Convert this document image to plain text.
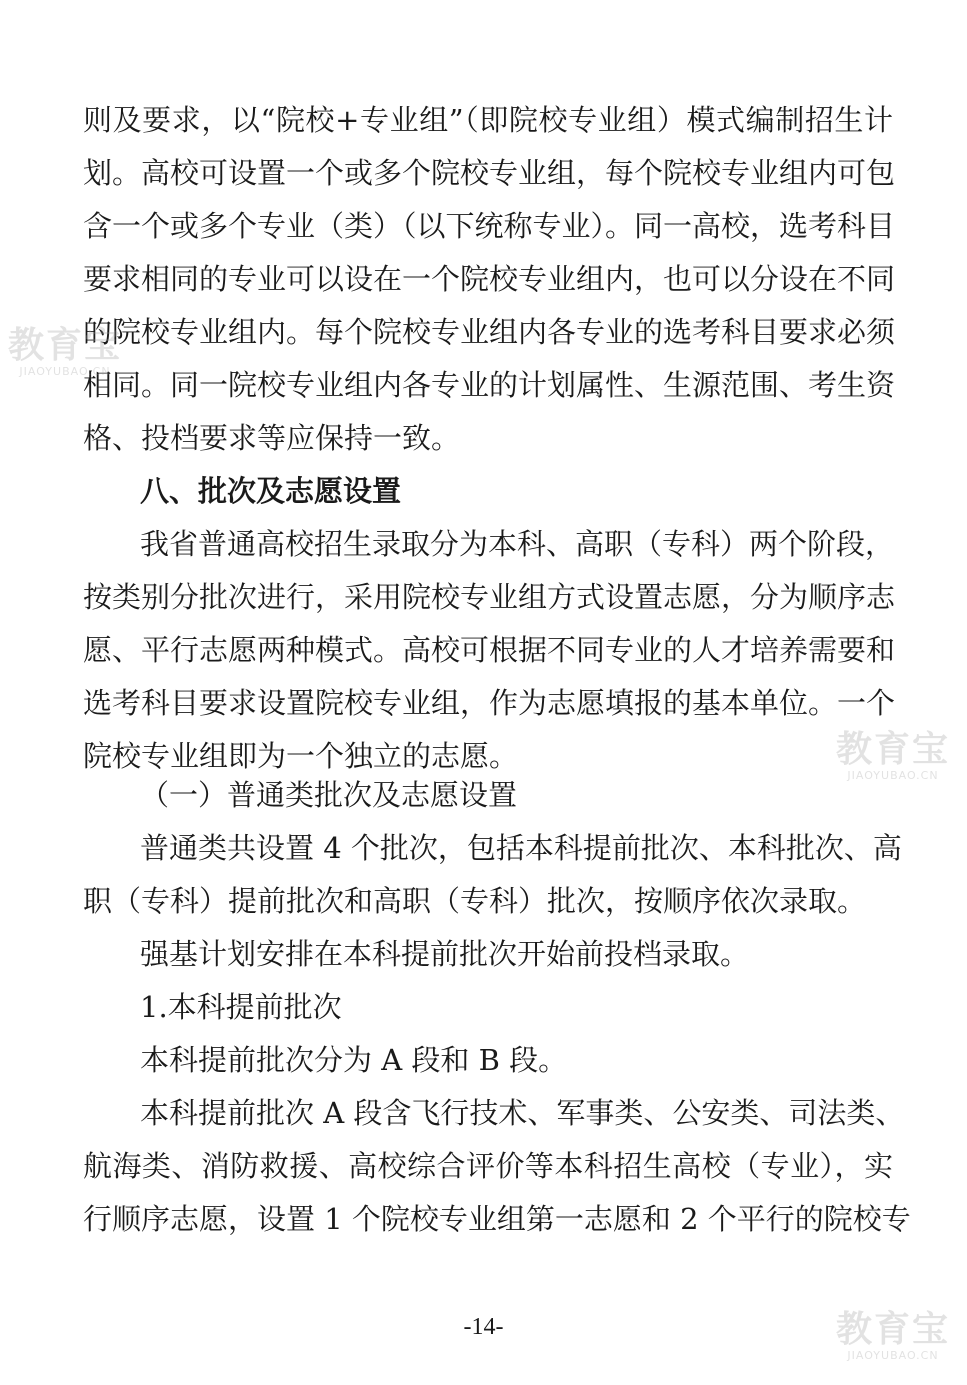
则及要求，以“院校+专业组”（即院校专业组）模式编制招生计
划。高校可设置一个或多个院校专业组，每个院校专业组内可包
含一个或多个专业（类）（以下统称专业）。同一高校，选考科目
要求相同的专业可以设在一个院校专业组内，也可以分设在不同
的院校专业组内。每个院校专业组内各专业的选考科目要求必须
相同。同一院校专业组内各专业的计划属性、生源范围、考生资
格、投档要求等应保持一致。
八、批次及志愿设置
我省普通高校招生录取分为本科、高职（专科）两个阶段，
按类别分批次进行，采用院校专业组方式设置志愿，分为顺序志
愿、平行志愿两种模式。高校可根据不同专业的人才培养需要和
选考科目要求设置院校专业组，作为志愿填报的基本单位。一个
院校专业组即为一个独立的志愿。
（一）普通类批次及志愿设置
普通类共设置 4 个批次，包括本科提前批次、本科批次、高
职（专科）提前批次和高职（专科）批次，按顺序依次录取。
强基计划安排在本科提前批次开始前投档录取。
1.本科提前批次
本科提前批次分为 A 段和 B 段。
本科提前批次 A 段含飞行技术、军事类、公安类、司法类、
航海类、消防救援、高校综合评价等本科招生高校（专业），实
行顺序志愿，设置 1 个院校专业组第一志愿和 2 个平行的院校专
-14-
教育宝
JIAOYUBAO.CN
教育宝
JIAOYUBAO.CN
教育宝
JIAOYUBAO.CN
